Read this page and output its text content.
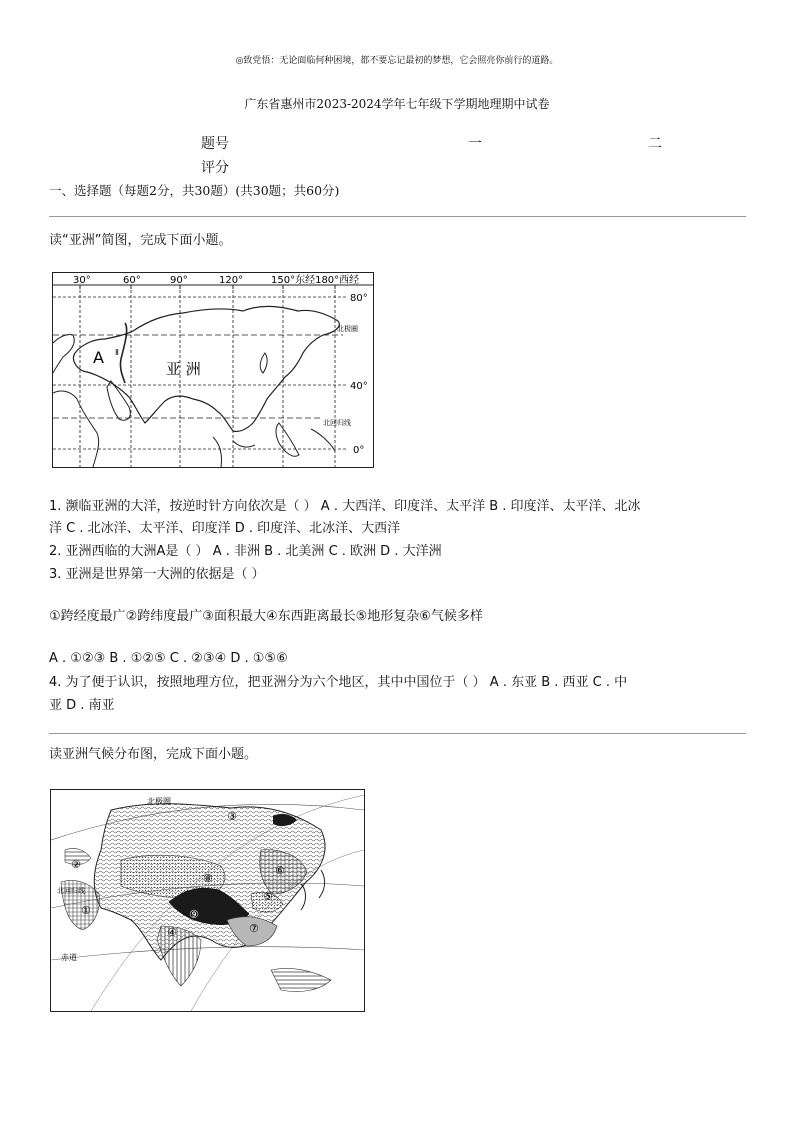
◎致党悟：无论面临何种困境，都不要忘记最初的梦想，它会照亮你前行的道路。
广东省惠州市2023-2024学年七年级下学期地理期中试卷
题号	一	二
评分
一、选择题（每题2分，共30题）(共30题；共60分)
读“亚洲”简图，完成下面小题。
30°	60°	90°	120°	150°东经180°西经
80°
北极圈
40°
北回归线
0°
A
亚 洲
Ⅱ
1. 濒临亚洲的大洋，按逆时针方向依次是（ ） A . 大西洋、印度洋、太平洋 B . 印度洋、太平洋、北冰
洋 C . 北冰洋、太平洋、印度洋 D . 印度洋、北冰洋、大西洋
2. 亚洲西临的大洲A是（ ） A . 非洲 B . 北美洲 C . 欧洲 D . 大洋洲
3. 亚洲是世界第一大洲的依据是（ ）
①跨经度最广②跨纬度最广③面积最大④东西距离最长⑤地形复杂⑥气候多样
A . ①②③ B . ①②⑤ C . ②③④ D . ①⑤⑥
4. 为了便于认识，按照地理方位，把亚洲分为六个地区，其中中国位于（ ） A . 东亚 B . 西亚 C . 中
亚 D . 南亚
读亚洲气候分布图，完成下面小题。
北极圈
北回归线
赤道
①
②
③
④
⑤
⑥
⑦
⑧
⑨
